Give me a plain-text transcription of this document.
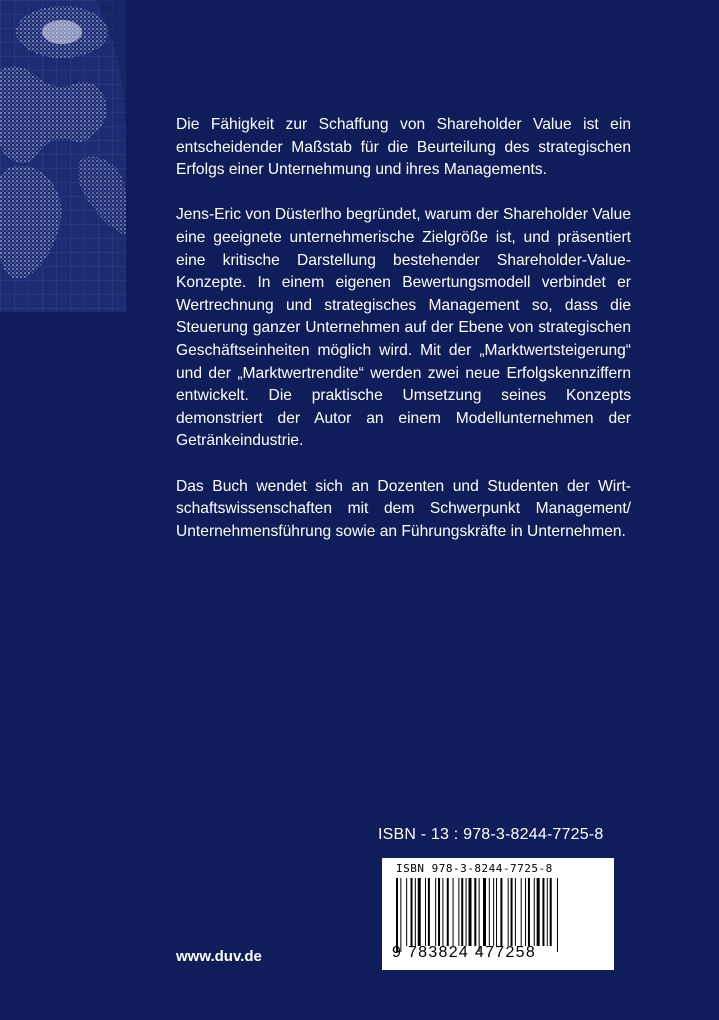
Die Fähigkeit zur Schaffung von Shareholder Value ist ein entscheidender Maßstab für die Beurteilung des strategischen Erfolgs einer Unternehmung und ihres Managements.

Jens-Eric von Düsterlho begründet, warum der Shareholder Value eine geeignete unternehmerische Zielgröße ist, und präsentiert eine kritische Darstellung bestehender Shareholder-Value-Konzepte. In einem eigenen Bewertungsmodell verbindet er Wertrechnung und strategisches Management so, dass die Steuerung ganzer Unternehmen auf der Ebene von strategischen Geschäftseinheiten möglich wird. Mit der „Marktwertsteigerung“ und der „Marktwertrendite“ werden zwei neue Erfolgskennziffern entwickelt. Die praktische Umsetzung seines Konzepts demonstriert der Autor an einem Modellunternehmen der Getränkeindustrie.

Das Buch wendet sich an Dozenten und Studenten der Wirtschaftswissenschaften mit dem Schwerpunkt Management/ Unternehmensführung sowie an Führungskräfte in Unternehmen.

ISBN - 13 : 978-3-8244-7725-8
ISBN 978-3-8244-7725-8
9 783824 477258
www.duv.de
